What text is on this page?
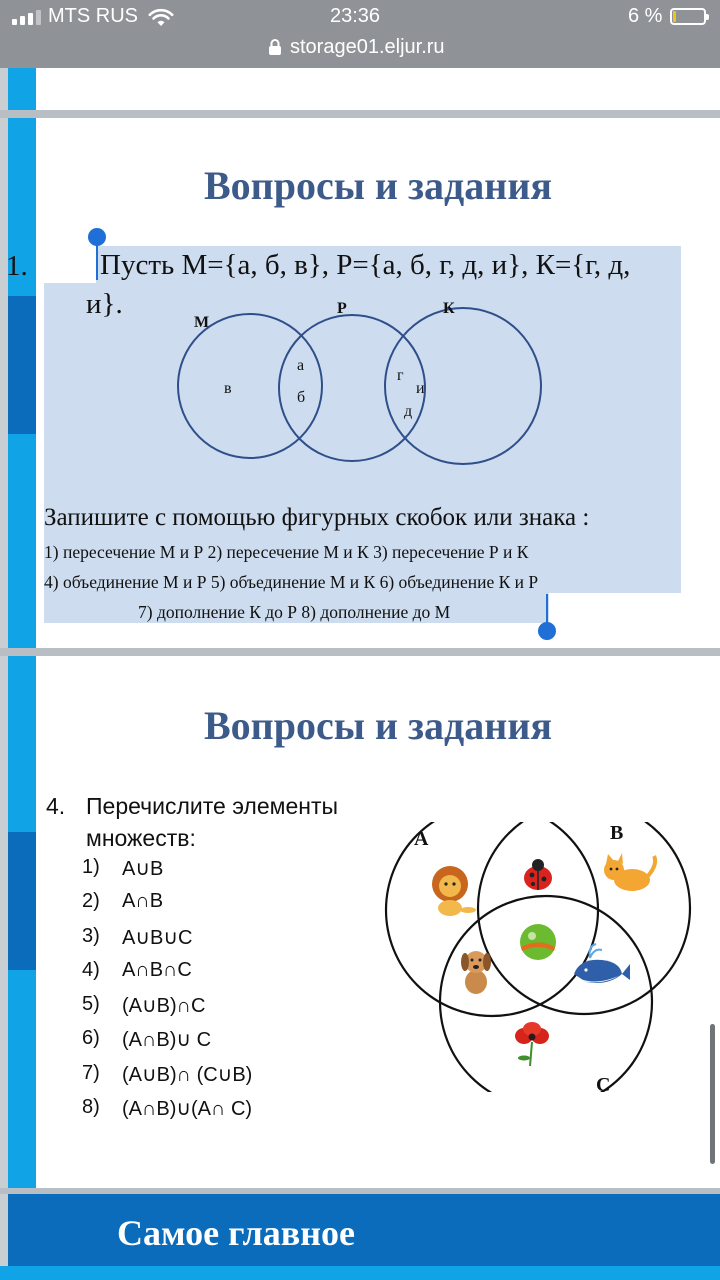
MTS RUS	23:36	6 %
storage01.eljur.ru
Вопросы и задания
1. Пусть М={а, б, в}, Р={а, б, г, д, и}, К={г, д,
и}.
М
Р	К
а
б
в
г
и
д
Запишите с помощью фигурных скобок или знака :
1) пересечение М и Р 2) пересечение М и К 3) пересечение Р и К
4) объединение М и Р 5) объединение М и К 6) объединение К и Р
7) дополнение К до Р 8) дополнение до М
Вопросы и задания
4. Перечислите элементы
множеств:
1)	A∪B
2)	A∩B
3)	A∪B∪C
4)	A∩B∩C
5)	(A∪B)∩C
6)	(A∩B)∪ C
7)	(A∪B)∩ (C∪B)
8)	(A∩B)∪(A∩ C)
A	B
C
Самое главное
